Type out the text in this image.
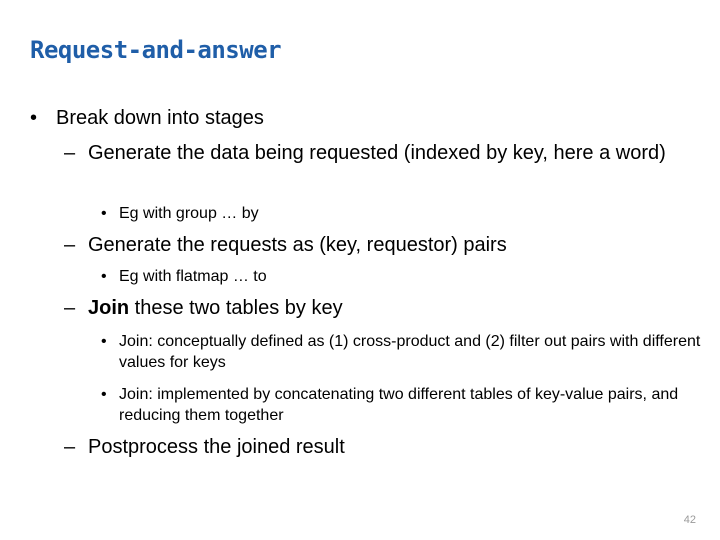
Request-and-answer
• Break down into stages
– Generate the data being requested (indexed by key, here a word)
• Eg with group … by
– Generate the requests as (key, requestor) pairs
• Eg with flatmap … to
– Join these two tables by key
• Join: conceptually defined as (1) cross-product and (2) filter out pairs with different values for keys
• Join: implemented by concatenating two different tables of key-value pairs, and reducing them together
– Postprocess the joined result
42
